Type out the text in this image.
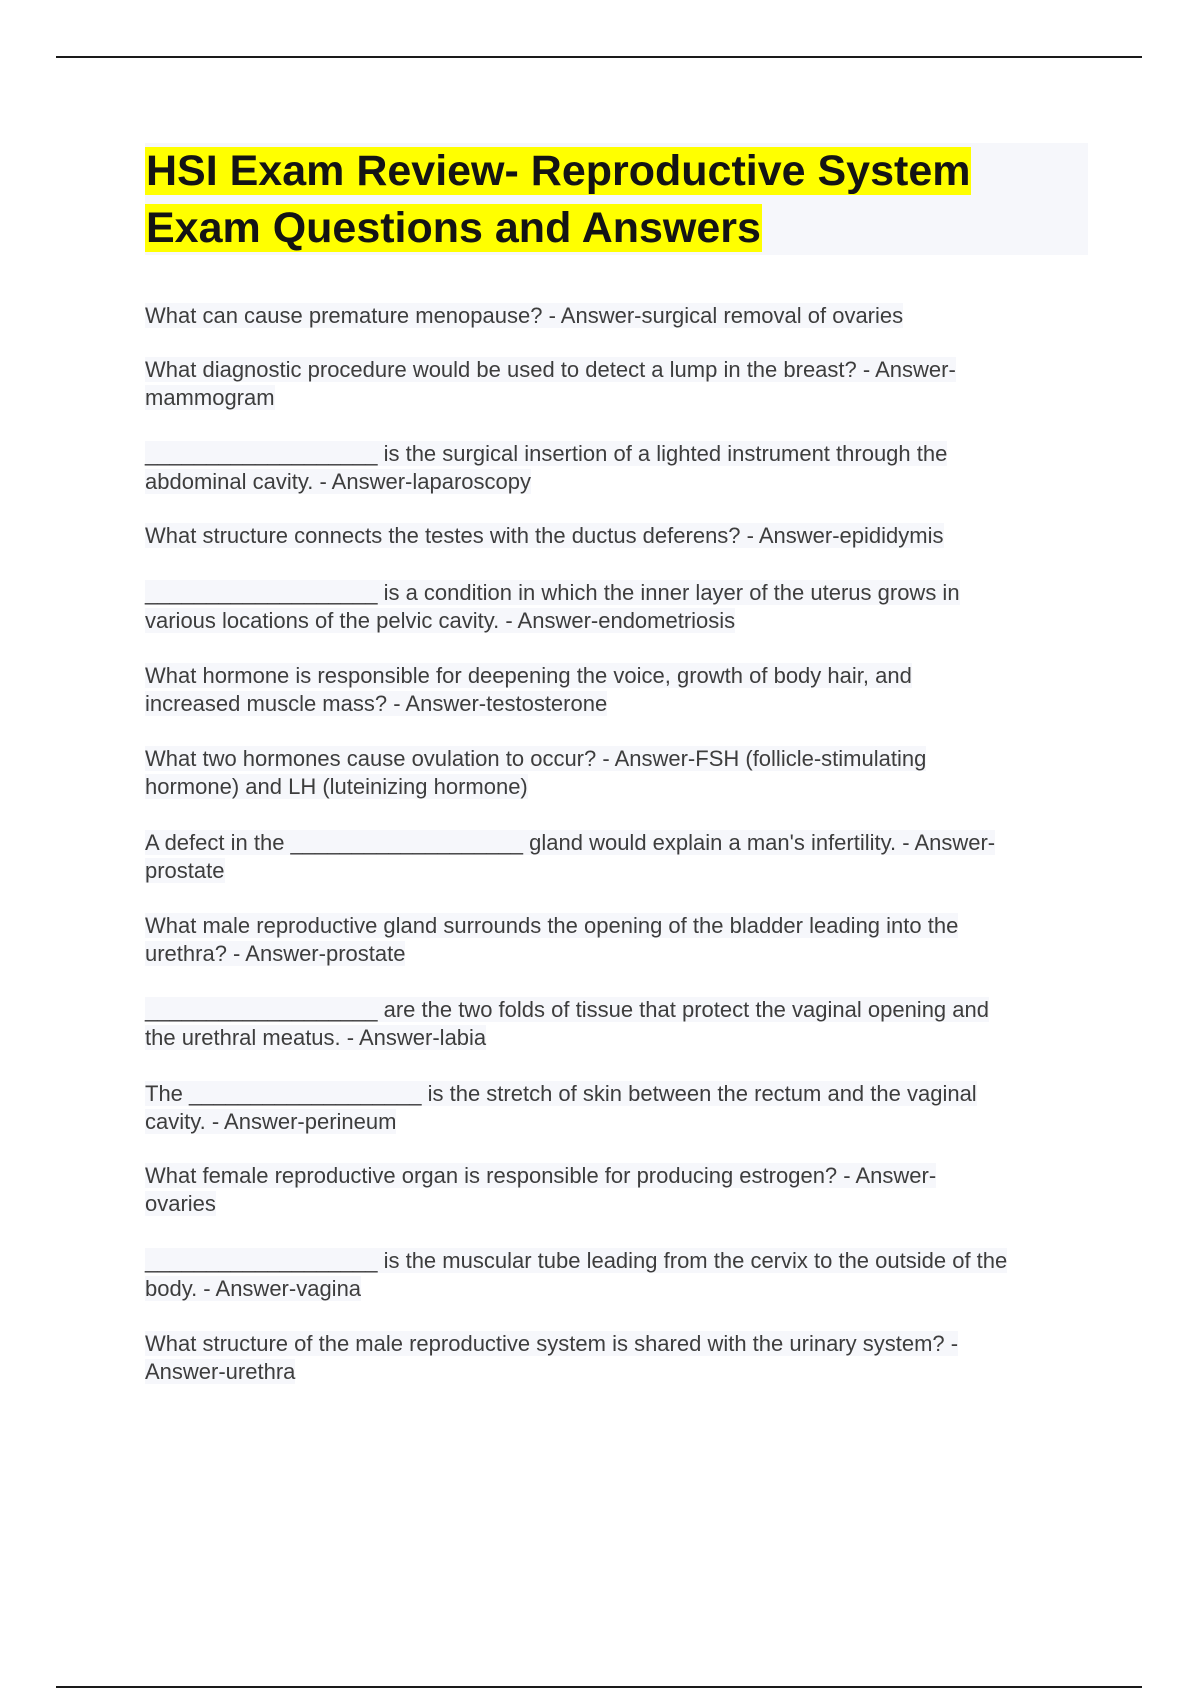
HSI Exam Review- Reproductive System
Exam Questions and Answers
What can cause premature menopause? - Answer-surgical removal of ovaries
What diagnostic procedure would be used to detect a lump in the breast? - Answer-
mammogram
___________________ is the surgical insertion of a lighted instrument through the
abdominal cavity. - Answer-laparoscopy
What structure connects the testes with the ductus deferens? - Answer-epididymis
___________________ is a condition in which the inner layer of the uterus grows in
various locations of the pelvic cavity. - Answer-endometriosis
What hormone is responsible for deepening the voice, growth of body hair, and
increased muscle mass? - Answer-testosterone
What two hormones cause ovulation to occur? - Answer-FSH (follicle-stimulating
hormone) and LH (luteinizing hormone)
A defect in the ___________________ gland would explain a man's infertility. - Answer-
prostate
What male reproductive gland surrounds the opening of the bladder leading into the
urethra? - Answer-prostate
___________________ are the two folds of tissue that protect the vaginal opening and
the urethral meatus. - Answer-labia
The ___________________ is the stretch of skin between the rectum and the vaginal
cavity. - Answer-perineum
What female reproductive organ is responsible for producing estrogen? - Answer-
ovaries
___________________ is the muscular tube leading from the cervix to the outside of the
body. - Answer-vagina
What structure of the male reproductive system is shared with the urinary system? -
Answer-urethra
